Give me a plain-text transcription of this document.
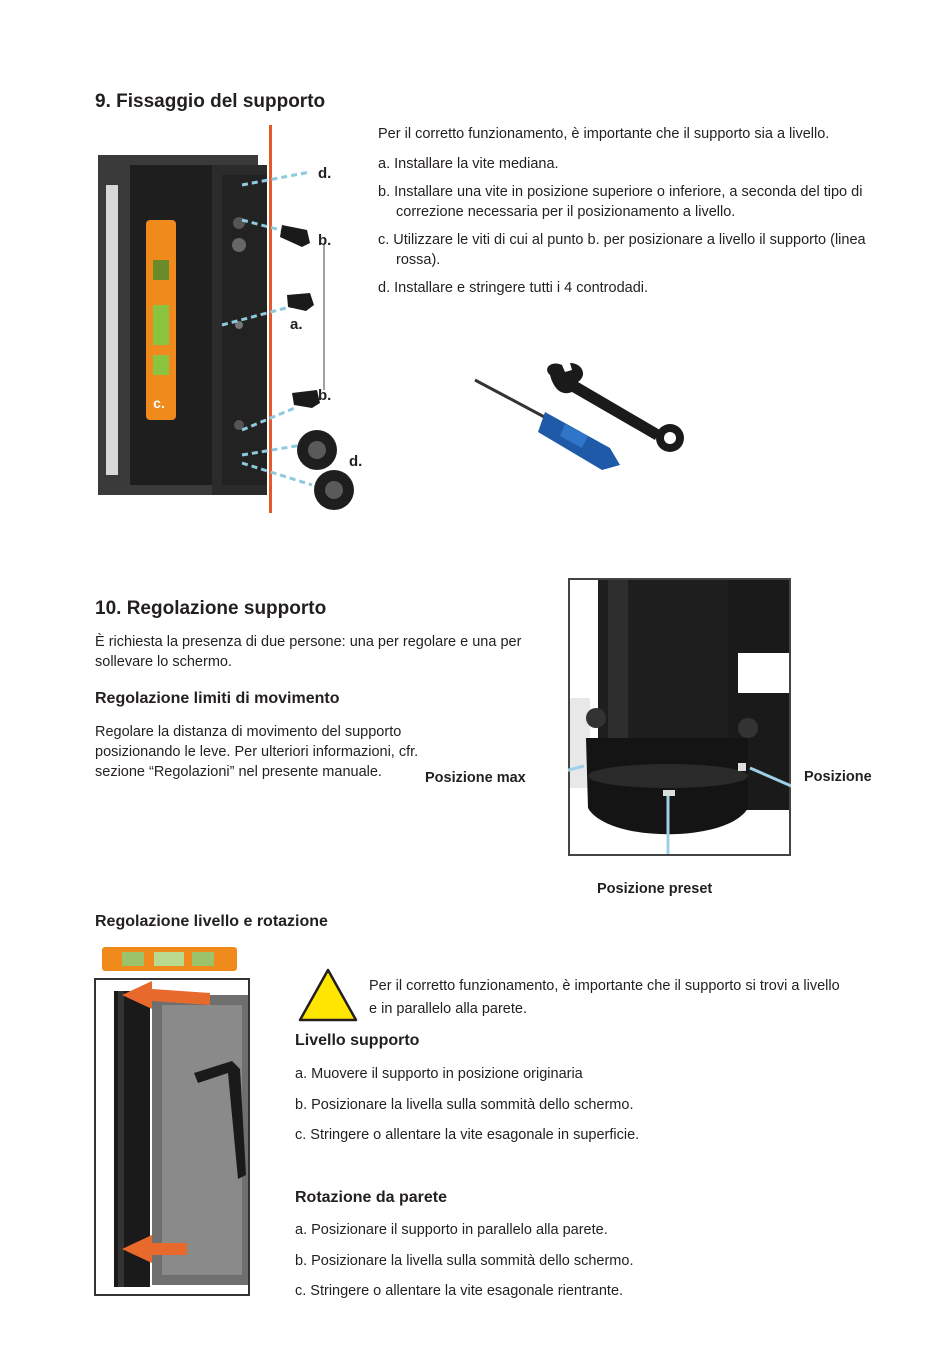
9. Fissaggio del supporto
c.
d.
b.
a.
b.
d.

Per il corretto funzionamento, è importante che il supporto sia a livello.

a. Installare la vite mediana.

b. Installare una vite in posizione superiore o inferiore, a seconda del tipo di correzione necessaria per il posizionamento a livello.

c. Utilizzare le viti di cui al punto b. per posizionare a livello il supporto (linea rossa).

d. Installare e stringere tutti i 4 controdadi.

10. Regolazione supporto

È richiesta la presenza di due persone: una per regolare e una per sollevare lo schermo.

Regolazione limiti di movimento

Regolare la distanza di movimento del supporto posizionando le leve. Per ulteriori informazioni, cfr. sezione “Regolazioni” nel presente manuale.	Posizione max	Posizione
Posizione preset
Regolazione livello e rotazione

Per il corretto funzionamento, è importante che il supporto si trovi a livello e in parallelo alla parete.

Livello supporto

a. Muovere il supporto in posizione originaria

b. Posizionare la livella sulla sommità dello schermo.

c. Stringere o allentare la vite esagonale in superficie.

Rotazione da parete

a. Posizionare il supporto in parallelo alla parete.

b. Posizionare la livella sulla sommità dello schermo.

c. Stringere o allentare la vite esagonale rientrante.
